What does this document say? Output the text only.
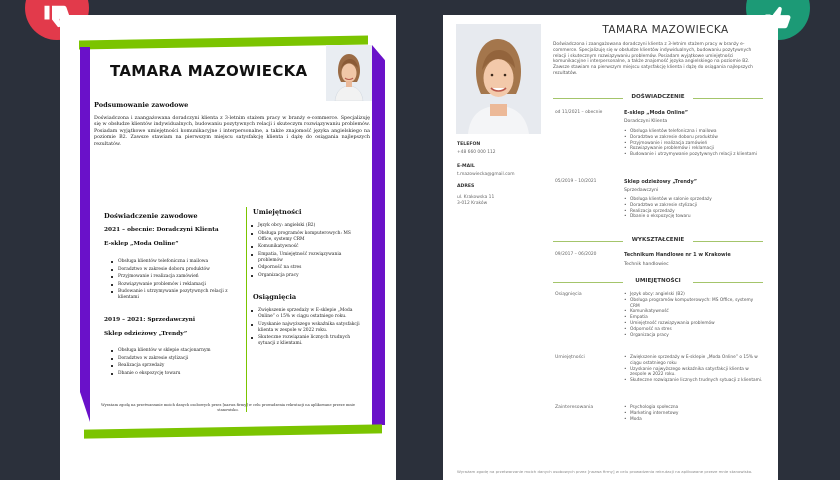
TAMARA MAZOWIECKA
Podsumowanie zawodowe

Doświadczona i zaangażowana doradczyni klienta z 3-letnim stażem pracy w branży e-commerce. Specjalizuję się w obsłudze klientów indywidualnych, budowaniu pozytywnych relacji i skuteczym rozwiązywaniu problemów. Posiadam wyjątkowe umiejętności komunikacyjne i interpersonalne, a także znajomość języka angielskiego na poziomie B2. Zawsze stawiam na pierwszym miejscu satysfakcję klienta i dążę do osiągania najlepszych rezultatów.

Doświadczenie zawodowe

2021 – obecnie: Doradczyni Klienta

E-sklep „Moda Online”

Obsługa klientów telefoniczna i mailowa
Doradztwo w zakresie doboru produktów
Przyjmowanie i realizacja zamówień
Rozwiązywanie problemów i reklamacji
Budowanie i utrzymywanie pozytywnych relacji z klientami

2019 – 2021: Sprzedawczyni

Sklep odzieżowy „Trendy”

Obsługa klientów w sklepie stacjonarnym
Doradztwo w zakresie stylizacji
Realizacja sprzedaży
Dbanie o ekspozycję towaru
Umiejętności
Język obcy: angielski (B2)
Obsługa programów komputerowych: MS Office, systemy CRM
Komunikatywność
Empatia, Umiejętność rozwiązywania problemów
Odporność na stres
Organizacja pracy
Osiągnięcia
Zwiększenie sprzedaży w E-sklepie „Moda Online” o 15% w ciągu ostatniego roku.
Uzyskanie najwyższego wskaźnika satysfakcji klienta w zespole w 2022 roku.
Skuteczne rozwiązanie licznych trudnych sytuacji z klientami.

Wyrażam zgodę na przetwarzanie moich danych osobowych przez [nazwa firmy] w celu prowadzenia rekrutacji na aplikowane przeze mnie stanowisko.

TAMARA MAZOWIECKA

Doświadczona i zaangażowana doradczyni klienta z 3-letnim stażem pracy w branży e-commerce. Specjalizuję się w obsłudze klientów indywidualnych, budowaniu pozytywnych relacji i skutecznym rozwiązywaniu problemów. Posiadam wyjątkowe umiejętności komunikacyjne i interpersonalne, a także znajomość języka angielskiego na poziomie B2. Zawsze stawiam na pierwszym miejscu satysfakcję klienta i dążę do osiągania najlepszych rezultatów.

TELEFON

+48 660 000 112

E-MAIL

t.mazowiecka@gmail.com

ADRES

ul. Krakowska 11

3-012 Kraków

DOŚWIADCZENIE

od 11/2021 – obecnie	E-sklep „Moda Online”

Doradczyni Klienta

• Obsługa klientów telefoniczna i mailowa
• Doradztwo w zakresie doboru produktów
• Przyjmowanie i realizacja zamówień
• Rozwiązywanie problemów i reklamacji
• Budowanie i utrzymywanie pozytywnych relacji z klientami

05/2019 – 10/2021	Sklep odzieżowy „Trendy”

Sprzedawczyni

• Obsługa klientów w salonie sprzedaży
• Doradztwo w zakresie stylizacji
• Realizacja sprzedaży
• Dbanie o ekspozycję towaru
WYKSZTAŁCENIE

09/2017 – 06/2020	Technikum Handlowe nr 1 w Krakowie

Technik handlowiec

UMIEJĘTNOŚCI

Osiągnięcia	• Język obcy: angielski (B2)
• Obsługa programów komputerowych: MS Office, systemy CRM
• Komunikatywność
• Empatia
• Umiejętność rozwiązywania problemów
• Odporność na stres
• Organizacja pracy

Umiejętności	• Zwiększenie sprzedaży w E-sklepie „Moda Online” o 15% w ciągu ostatniego roku
• Uzyskanie najwyższego wskaźnika satysfakcji klienta w zespole w 2022 roku.
• Skuteczne rozwiązanie licznych trudnych sytuacji z klientami.

Zainteresowania	• Psychologia społeczna
• Marketing internetowy
• Moda

Wyrażam zgodę na przetwarzanie moich danych osobowych przez [nazwa firmy] w celu prowadzenia rekrutacji na aplikowane przeze mnie stanowisko.
